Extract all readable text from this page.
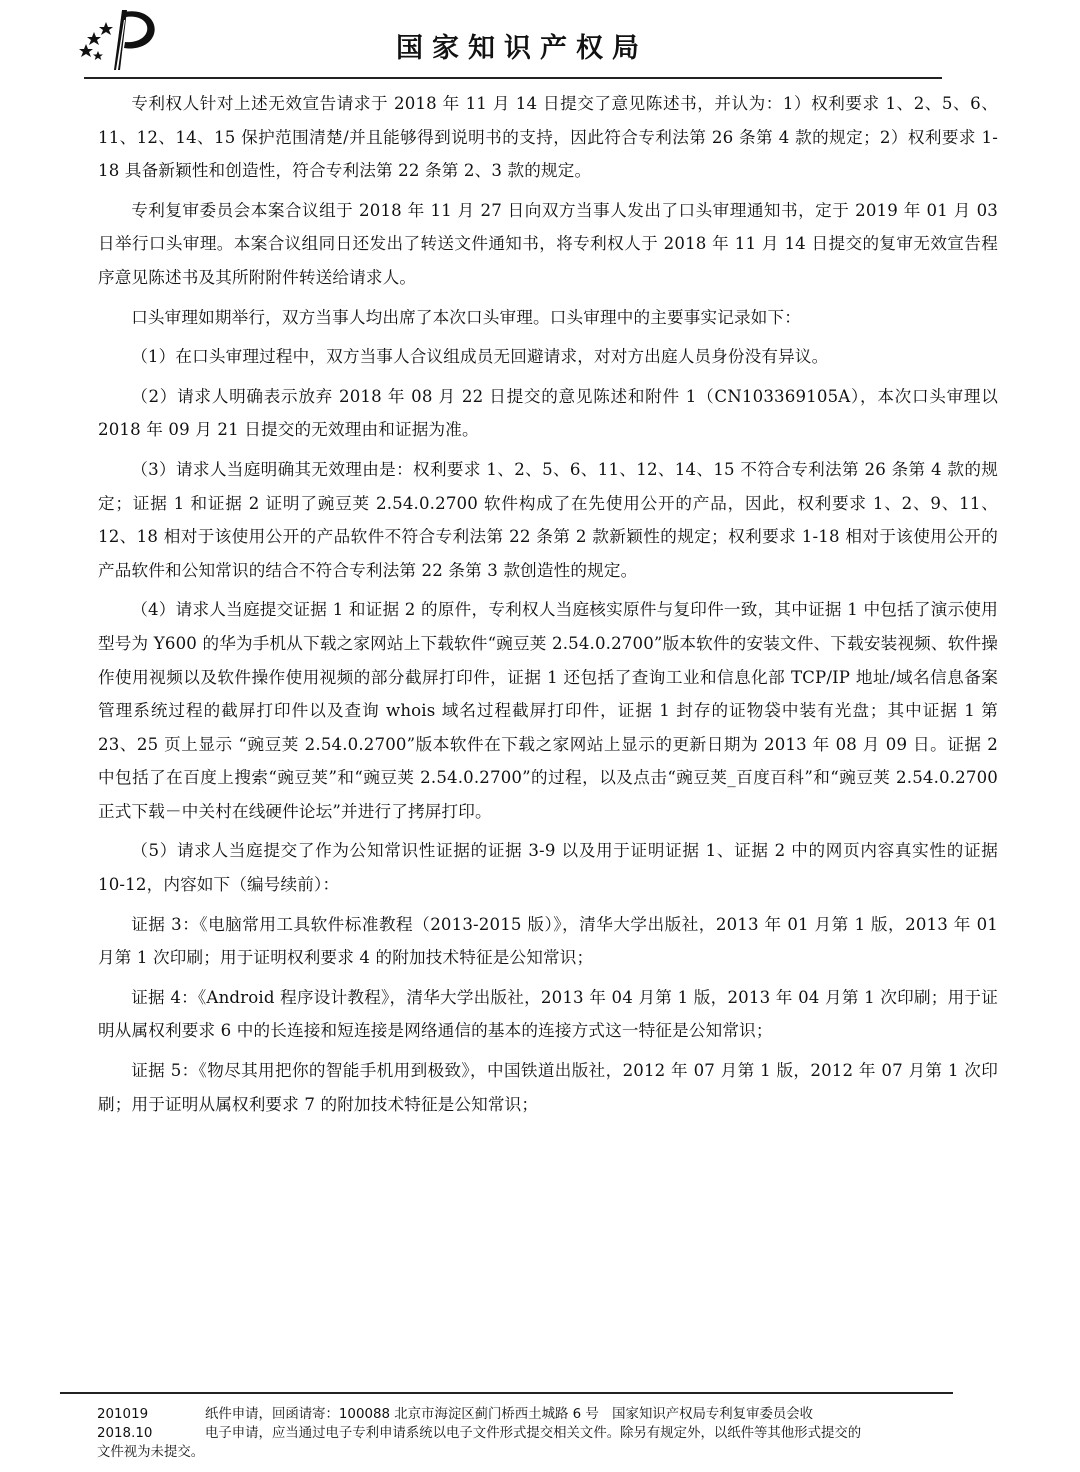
国家知识产权局

专利权人针对上述无效宣告请求于 2018 年 11 月 14 日提交了意见陈述书，并认为：1）权利要求 1、2、5、6、11、12、14、15 保护范围清楚/并且能够得到说明书的支持，因此符合专利法第 26 条第 4 款的规定；2）权利要求 1-18 具备新颖性和创造性，符合专利法第 22 条第 2、3 款的规定。

专利复审委员会本案合议组于 2018 年 11 月 27 日向双方当事人发出了口头审理通知书，定于 2019 年 01 月 03 日举行口头审理。本案合议组同日还发出了转送文件通知书，将专利权人于 2018 年 11 月 14 日提交的复审无效宣告程序意见陈述书及其所附附件转送给请求人。

口头审理如期举行，双方当事人均出席了本次口头审理。口头审理中的主要事实记录如下：

（1）在口头审理过程中，双方当事人合议组成员无回避请求，对对方出庭人员身份没有异议。

（2）请求人明确表示放弃 2018 年 08 月 22 日提交的意见陈述和附件 1（CN103369105A），本次口头审理以 2018 年 09 月 21 日提交的无效理由和证据为准。

（3）请求人当庭明确其无效理由是：权利要求 1、2、5、6、11、12、14、15 不符合专利法第 26 条第 4 款的规定；证据 1 和证据 2 证明了豌豆荚 2.54.0.2700 软件构成了在先使用公开的产品，因此，权利要求 1、2、9、11、12、18 相对于该使用公开的产品软件不符合专利法第 22 条第 2 款新颖性的规定；权利要求 1-18 相对于该使用公开的产品软件和公知常识的结合不符合专利法第 22 条第 3 款创造性的规定。

（4）请求人当庭提交证据 1 和证据 2 的原件，专利权人当庭核实原件与复印件一致，其中证据 1 中包括了演示使用型号为 Y600 的华为手机从下载之家网站上下载软件“豌豆荚 2.54.0.2700”版本软件的安装文件、下载安装视频、软件操作使用视频以及软件操作使用视频的部分截屏打印件，证据 1 还包括了查询工业和信息化部 TCP/IP 地址/域名信息备案管理系统过程的截屏打印件以及查询 whois 域名过程截屏打印件，证据 1 封存的证物袋中装有光盘；其中证据 1 第 23、25 页上显示 “豌豆荚 2.54.0.2700”版本软件在下载之家网站上显示的更新日期为 2013 年 08 月 09 日。证据 2 中包括了在百度上搜索“豌豆荚”和“豌豆荚 2.54.0.2700”的过程，以及点击“豌豆荚_百度百科”和“豌豆荚 2.54.0.2700 正式下载－中关村在线硬件论坛”并进行了拷屏打印。

（5）请求人当庭提交了作为公知常识性证据的证据 3-9 以及用于证明证据 1、证据 2 中的网页内容真实性的证据 10-12，内容如下（编号续前）：

证据 3：《电脑常用工具软件标准教程（2013-2015 版）》，清华大学出版社，2013 年 01 月第 1 版，2013 年 01 月第 1 次印刷；用于证明权利要求 4 的附加技术特征是公知常识；

证据 4：《Android 程序设计教程》，清华大学出版社，2013 年 04 月第 1 版，2013 年 04 月第 1 次印刷；用于证明从属权利要求 6 中的长连接和短连接是网络通信的基本的连接方式这一特征是公知常识；

证据 5：《物尽其用把你的智能手机用到极致》，中国铁道出版社，2012 年 07 月第 1 版，2012 年 07 月第 1 次印刷；用于证明从属权利要求 7 的附加技术特征是公知常识；

201019	纸件申请，回函请寄：100088 北京市海淀区蓟门桥西土城路 6 号　国家知识产权局专利复审委员会收
2018.10	电子申请，应当通过电子专利申请系统以电子文件形式提交相关文件。除另有规定外，以纸件等其他形式提交的
文件视为未提交。
